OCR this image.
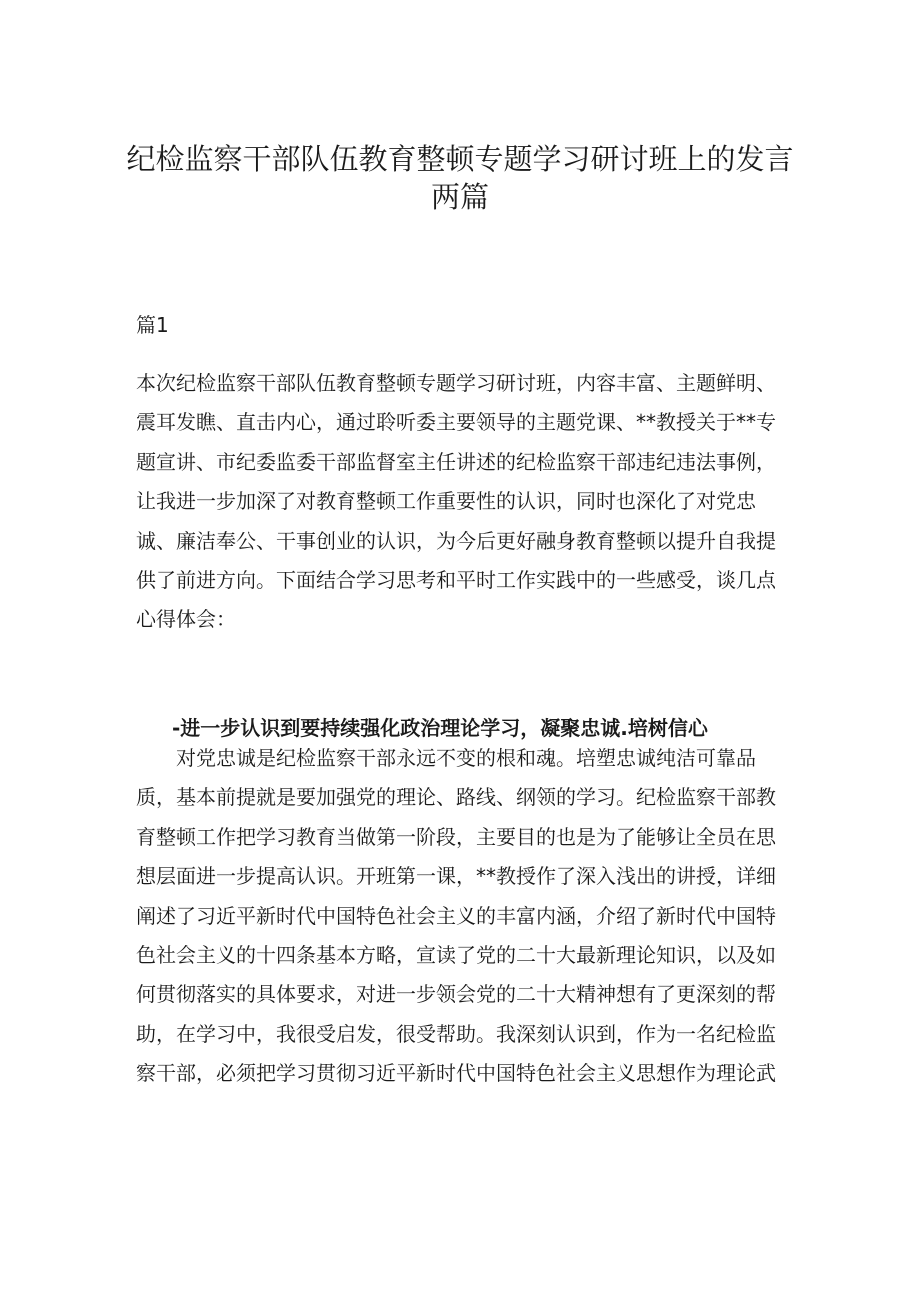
纪检监察干部队伍教育整顿专题学习研讨班上的发言
两篇
篇1
本次纪检监察干部队伍教育整顿专题学习研讨班，内容丰富、主题鲜明、
震耳发瞧、直击内心，通过聆听委主要领导的主题党课、**教授关于**专
题宣讲、市纪委监委干部监督室主任讲述的纪检监察干部违纪违法事例，
让我进一步加深了对教育整顿工作重要性的认识，同时也深化了对党忠
诚、廉洁奉公、干事创业的认识，为今后更好融身教育整顿以提升自我提
供了前进方向。下面结合学习思考和平时工作实践中的一些感受，谈几点
心得体会：
-进一步认识到要持续强化政治理论学习，凝聚忠诚.培树信心
　　对党忠诚是纪检监察干部永远不变的根和魂。培塑忠诚纯洁可靠品
质，基本前提就是要加强党的理论、路线、纲领的学习。纪检监察干部教
育整顿工作把学习教育当做第一阶段，主要目的也是为了能够让全员在思
想层面进一步提高认识。开班第一课，**教授作了深入浅出的讲授，详细
阐述了习近平新时代中国特色社会主义的丰富内涵，介绍了新时代中国特
色社会主义的十四条基本方略，宣读了党的二十大最新理论知识，以及如
何贯彻落实的具体要求，对进一步领会党的二十大精神想有了更深刻的帮
助，在学习中，我很受启发，很受帮助。我深刻认识到，作为一名纪检监
察干部，必须把学习贯彻习近平新时代中国特色社会主义思想作为理论武
